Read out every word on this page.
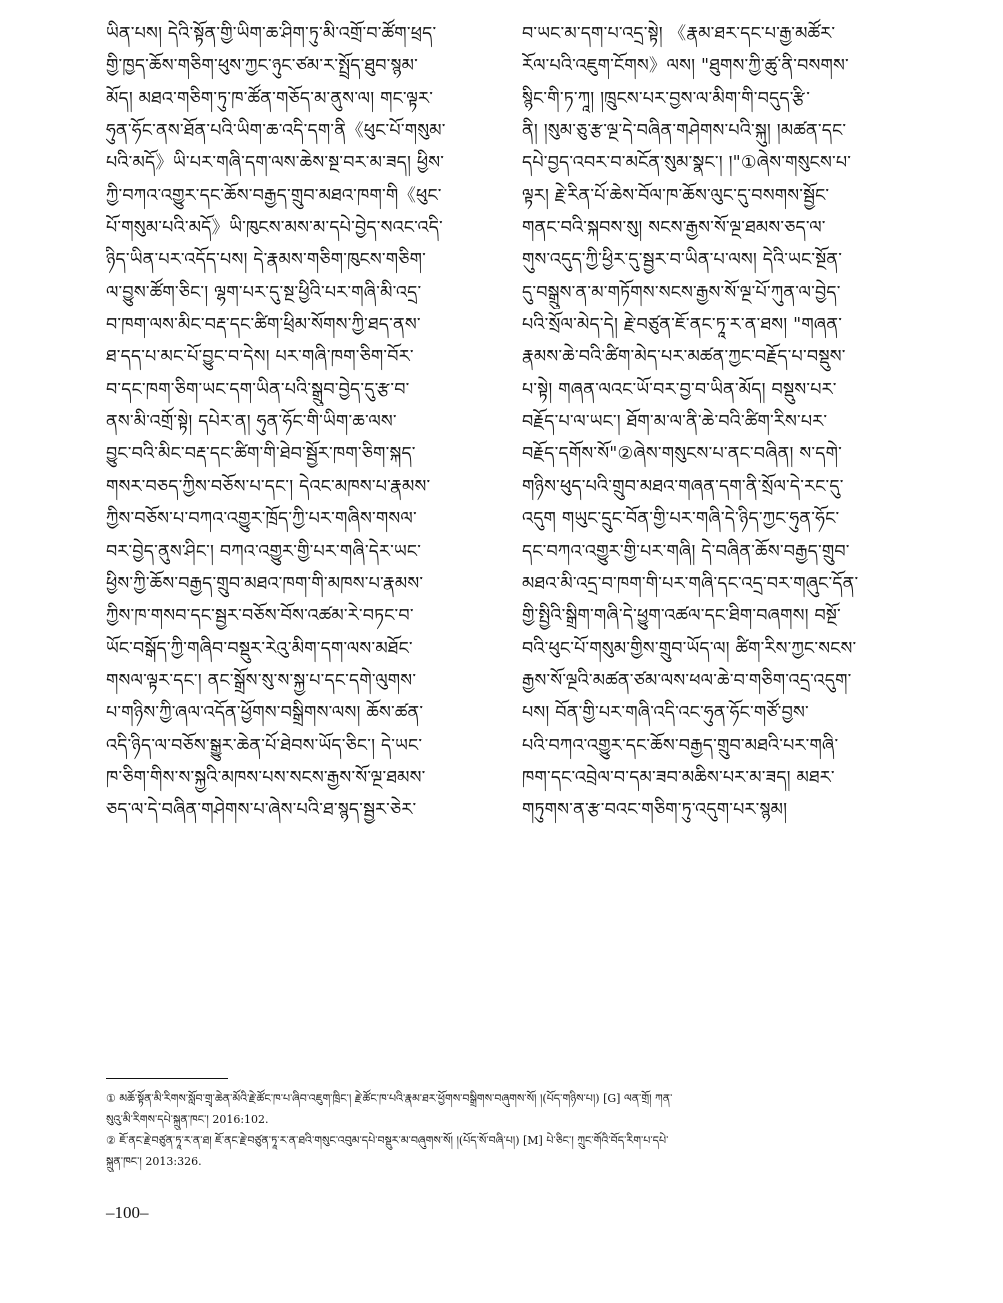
ཡིན་པས། དེའི་སྟོན་གྱི་ཡིག་ཆ་ཤིག་ཏུ་མི་འགྲོ་བ་ཚོག་ཕྲད་
གྱི་ཁྱད་ཆོས་གཅིག་ཕུས་ཀྱང་ཉུང་ཙམ་ར་སྤྲོད་ཐུབ་སྙམ་
མོད། མཐའ་གཅིག་ཏུ་ཁ་ཚོན་གཅོད་མ་ནུས་ལ། གང་ལྟར་
ཧུན་ཧོང་ནས་ཐོན་པའི་ཡིག་ཆ་འདི་དག་ནི《ཕུང་པོ་གསུམ་
པའི་མདོ》ཡི་པར་གཞི་དག་ལས་ཆེས་སྔ་བར་མ་ཟད། ཕྱིས་
ཀྱི་བཀའ་འགྱུར་དང་ཆོས་བརྒྱད་གྲུབ་མཐའ་ཁག་གི《ཕུང་
པོ་གསུམ་པའི་མདོ》ཡི་ཁུངས་མས་མ་དཔེ་བྱེད་སའང་འདི་
ཉིད་ཡིན་པར་འདོད་པས། དེ་རྣམས་གཅིག་ཁུངས་གཅིག་
ལ་བྱུས་ཚོག་ཅིང་། ལྷག་པར་དུ་སྔ་ཕྱིའི་པར་གཞི་མི་འདྲ་
བ་ཁག་ལས་མིང་བརྡ་དང་ཚིག་ཕྲིམ་སོགས་ཀྱི་ཐད་ནས་
ཐ་དད་པ་མང་པོ་བྱུང་བ་དེས། པར་གཞི་ཁག་ཅིག་བོར་
བ་དང་ཁག་ཅིག་ཡང་དག་ཡིན་པའི་སྒྲུབ་བྱེད་དུ་རྩ་བ་
ནས་མི་འགྲོ་སྟེ། དཔེར་ན། ཧུན་ཧོང་གི་ཡིག་ཆ་ལས་
བྱུང་བའི་མིང་བརྡ་དང་ཚིག་གི་ཐེབ་སྦྱོར་ཁག་ཅིག་སྐད་
གསར་བཅད་ཀྱིས་བཅོས་པ་དང་། དེའང་མཁས་པ་རྣམས་
ཀྱིས་བཅོས་པ་བཀའ་འགྱུར་ཁྲོད་ཀྱི་པར་གཞིས་གསལ་
བར་བྱེད་ནུས་ཤིང་། བཀའ་འགྱུར་གྱི་པར་གཞི་དེར་ཡང་
ཕྱིས་ཀྱི་ཆོས་བརྒྱད་གྲུབ་མཐའ་ཁག་གི་མཁས་པ་རྣམས་
ཀྱིས་ཁ་གསབ་དང་སྦྱར་བཅོས་བོས་འཚམ་རེ་བཏང་བ་
ཡོང་བསྒོད་ཀྱི་གཞིབ་བསྡུར་རེའུ་མིག་དག་ལས་མཐོང་
གསལ་ལྟར་དང་། ནང་སྒྲོས་སུ་ས་སྐྱ་པ་དང་དགེ་ལུགས་
པ་གཉིས་ཀྱི་ཞལ་འདོན་ཕྱོགས་བསྒྲིགས་ལས། ཆོས་ཚན་
འདི་ཉིད་ལ་བཅོས་སྒྱུར་ཆེན་པོ་ཐེབས་ཡོད་ཅིང་། དེ་ཡང་
ཁ་ཅིག་གིས་ས་སྐྱའི་མཁས་པས་སངས་རྒྱས་སོ་ལྔ་ཐམས་
ཅད་ལ་དེ་བཞིན་གཤེགས་པ་ཞེས་པའི་ཐ་སྙད་སྦྱར་ཅེར་
བ་ཡང་མ་དག་པ་འདྲ་སྟེ། 《རྣམ་ཐར་དང་པ་རྒྱ་མཚོར་
རོལ་པའི་འཇུག་ངོགས》ལས། "ཐུགས་ཀྱི་ཚུ་ནི་བསགས་
སྙིང་གི་ཏ་ཀཱ། །ཁྲུངས་པར་བྱས་ལ་མིག་གི་བདུད་རྩི་
ནི། །སུམ་ཅུ་རྩ་ལྔ་དེ་བཞིན་གཤེགས་པའི་སྐུ། །མཚན་དང་
དཔེ་བྱད་འབར་བ་མངོན་སུམ་སྣང་། །"①ཞེས་གསུངས་པ་
ལྟར། རྗེ་རིན་པོ་ཆེས་བོལ་ཁ་ཆོས་ལུང་དུ་བསགས་སྦྱོང་
གནང་བའི་སྐབས་སུ། སངས་རྒྱས་སོ་ལྔ་ཐམས་ཅད་ལ་
གུས་འདུད་ཀྱི་ཕྱིར་དུ་སྦྱར་བ་ཡིན་པ་ལས། དེའི་ཡང་སྔོན་
དུ་བསྒྲུས་ན་མ་གཏོགས་སངས་རྒྱས་སོ་ལྔ་པོ་ཀུན་ལ་བྱེད་
པའི་སྲོལ་མེད་དེ། རྗེ་བཙུན་ཇོ་ནང་ཏཱ་ར་ན་ཐས། "གཞན་
རྣམས་ཆེ་བའི་ཚིག་མེད་པར་མཚན་ཀྱང་བརྗོད་པ་བསྡུས་
པ་སྟེ། གཞན་ལའང་ཡོ་བར་བྱ་བ་ཡིན་མོད། བསྡུས་པར་
བརྗོད་པ་ལ་ཡང་། ཐོག་མ་ལ་ནི་ཆེ་བའི་ཚིག་རིས་པར་
བརྗོད་དགོས་སོ"②ཞེས་གསུངས་པ་ནང་བཞིན། ས་དགེ་
གཉིས་ཕུད་པའི་གྲུབ་མཐའ་གཞན་དག་ནི་སྲོལ་དེ་རང་དུ་
འདུག གཡུང་དྲུང་བོན་གྱི་པར་གཞི་དེ་ཉིད་ཀྱང་ཧུན་ཧོང་
དང་བཀའ་འགྱུར་གྱི་པར་གཞི། དེ་བཞིན་ཆོས་བརྒྱད་གྲུབ་
མཐའ་མི་འདྲ་བ་ཁག་གི་པར་གཞི་དང་འདྲ་བར་གཞུང་དོན་
གྱི་སྤྱིའི་སྒྲིག་གཞི་དེ་ཕྱུག་འཚལ་དང་ཐིག་བཞགས། བསྔོ་
བའི་ཕུང་པོ་གསུམ་གྱིས་གྲུབ་ཡོད་ལ། ཚིག་རིས་ཀྱང་སངས་
རྒྱས་སོ་ལྔའི་མཚན་ཙམ་ལས་ཕལ་ཆེ་བ་གཅིག་འདྲ་འདུག་
པས། བོན་གྱི་པར་གཞི་འདི་འང་ཧུན་ཧོང་གཙོ་བྱས་
པའི་བཀའ་འགྱུར་དང་ཆོས་བརྒྱད་གྲུབ་མཐའི་པར་གཞི་
ཁག་དང་འབྲེལ་བ་དམ་ཟབ་མཆིས་པར་མ་ཟད། མཐར་
གཏུགས་ན་རྩ་བའང་གཅིག་ཏུ་འདུག་པར་སྙམ།
① མཆོ་སྟོན་མི་རིགས་སློབ་གྲྭ་ཆེན་མོའི་རྗེ་ཚོང་ཁ་པ་ཞིབ་འཇུག་ཁྲིང་། རྗེ་ཚོང་ཁ་པའི་རྣམ་ཐར་ཕྱོགས་བསྒྲིགས་བཞུགས་སོ། །(པོད་གཉིས་པ།) [G] ལན་གྲོ། ཀན་
སུའུ་མི་རིགས་དཔེ་སྐྲུན་ཁང་། 2016:102.
② ཇོ་ནང་རྗེ་བཙུན་ཏཱ་ར་ན་ཐ། ཇོ་ནང་རྗེ་བཙུན་ཏཱ་ར་ན་ཐའི་གསུང་འབུམ་དཔེ་བསྡུར་མ་བཞུགས་སོ། །(པོད་སོ་བཞི་པ།) [M] པེ་ཅིང་། ཀྲུང་གོའི་བོད་རིག་པ་དཔེ་
སྐྲུན་ཁང་། 2013:326.
–100–
